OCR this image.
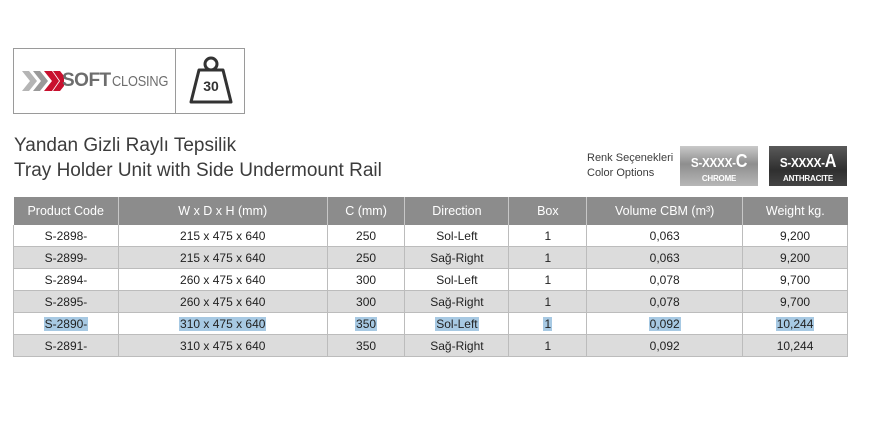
SOFT CLOSING	30
Yandan Gizli Raylı Tepsilik
Tray Holder Unit with Side Undermount Rail
Renk Seçenekleri
Color Options
S-XXXX-C
CHROME
S-XXXX-A
ANTHRACITE
Product Code	W x D x H (mm)	C (mm)	Direction	Box	Volume CBM (m³)	Weight kg.
S-2898-	215 x 475 x 640	250	Sol-Left	1	0,063	9,200
S-2899-	215 x 475 x 640	250	Sağ-Right	1	0,063	9,200
S-2894-	260 x 475 x 640	300	Sol-Left	1	0,078	9,700
S-2895-	260 x 475 x 640	300	Sağ-Right	1	0,078	9,700
S-2890-	310 x 475 x 640	350	Sol-Left	1	0,092	10,244
S-2891-	310 x 475 x 640	350	Sağ-Right	1	0,092	10,244
